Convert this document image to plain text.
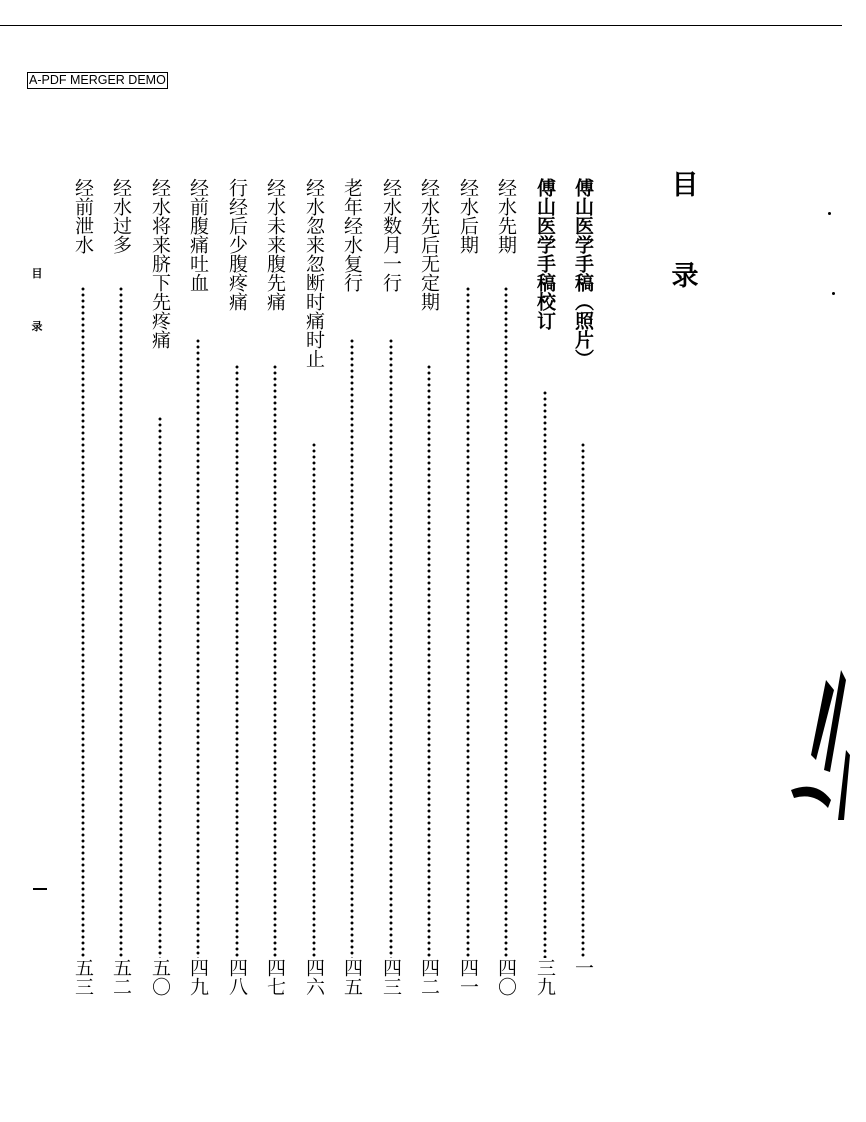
A-PDF MERGER DEMO
目
录
傅山医学手稿（照片）
一
傅山医学手稿校订
三九
经水先期
四〇
经水后期
四一
经水先后无定期
四二
经水数月一行
四三
老年经水复行
四五
经水忽来忽断时痛时止
四六
经水未来腹先痛
四七
行经后少腹疼痛
四八
经前腹痛吐血
四九
经水将来脐下先疼痛
五〇
经水过多
五二
经前泄水
五三
目
录
